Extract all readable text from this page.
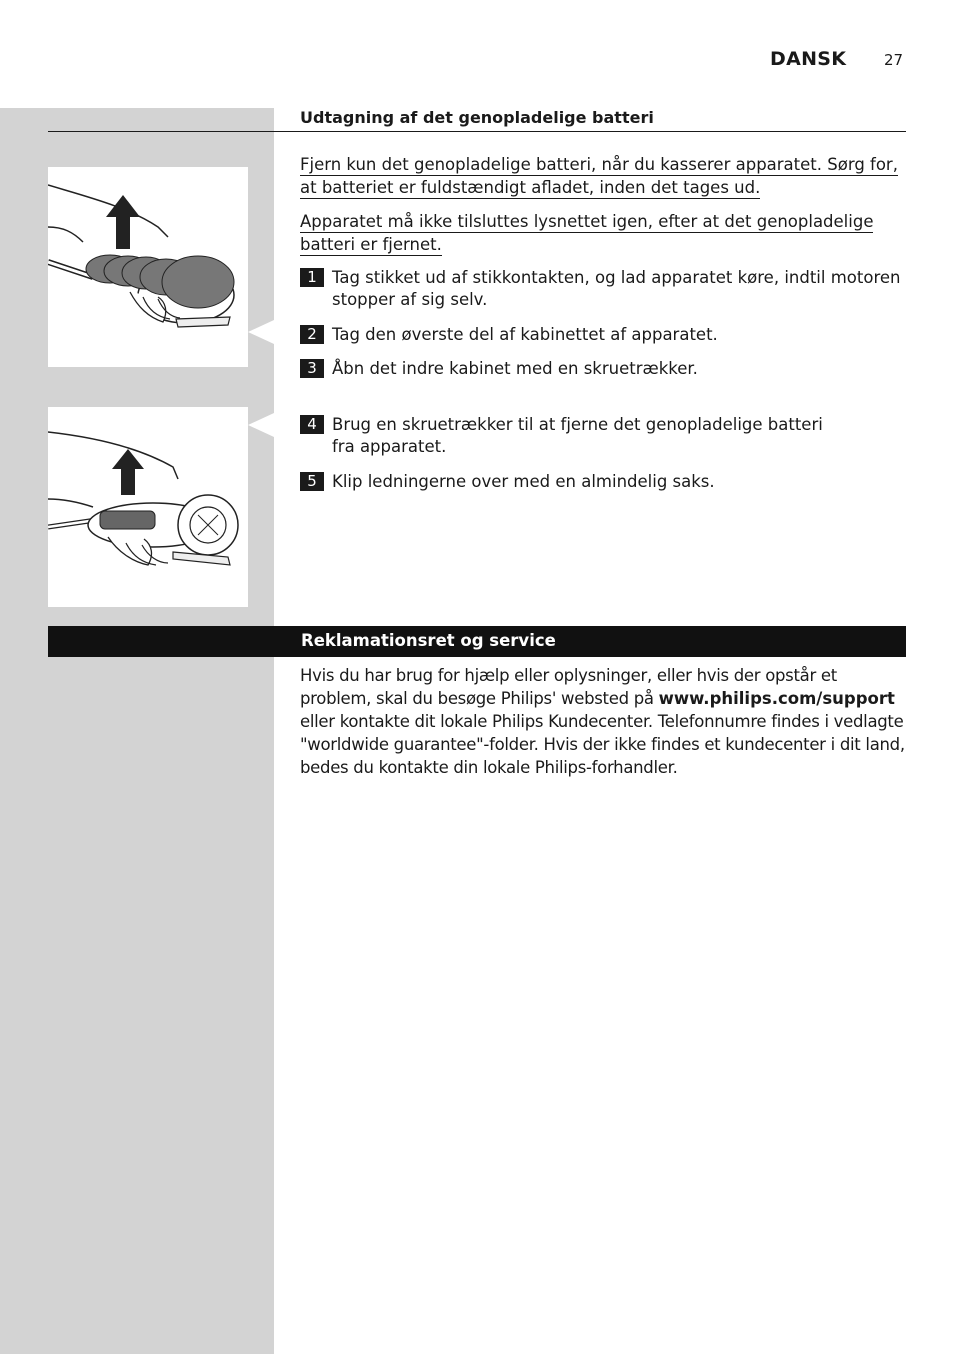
DANSK	27
Udtagning af det genopladelige batteri
Fjern kun det genopladelige batteri, når du kasserer apparatet. Sørg for, at batteriet er fuldstændigt afladet, inden det tages ud.
Apparatet må ikke tilsluttes lysnettet igen, efter at det genopladelige batteri er fjernet.
1 Tag stikket ud af stikkontakten, og lad apparatet køre, indtil motoren stopper af sig selv.
2 Tag den øverste del af kabinettet af apparatet.
3 Åbn det indre kabinet med en skruetrækker.
4 Brug en skruetrækker til at fjerne det genopladelige batteri fra apparatet.
5 Klip ledningerne over med en almindelig saks.
Reklamationsret og service
Hvis du har brug for hjælp eller oplysninger, eller hvis der opstår et problem, skal du besøge Philips' websted på www.philips.com/support eller kontakte dit lokale Philips Kundecenter. Telefonnumre findes i vedlagte "worldwide guarantee"-folder. Hvis der ikke findes et kundecenter i dit land, bedes du kontakte din lokale Philips-forhandler.
